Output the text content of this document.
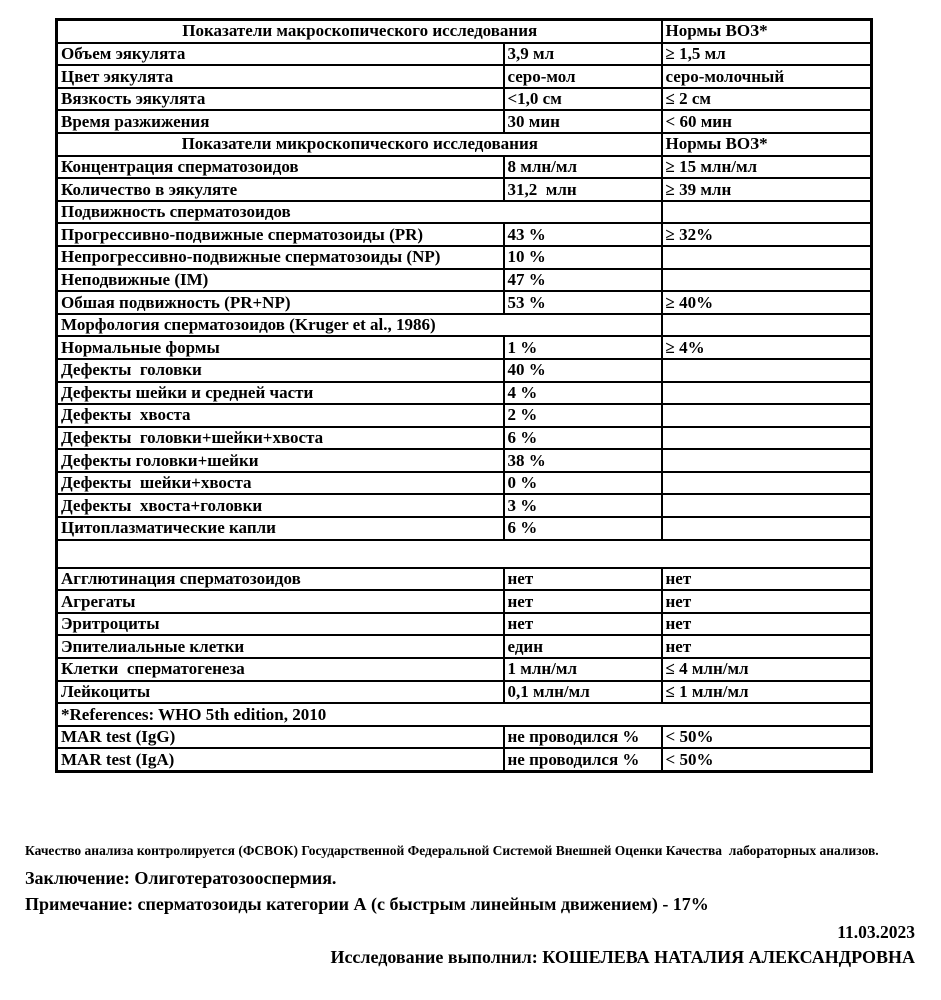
Показатели макроскопического исследования		Нормы ВОЗ*
Объем эякулята	3,9 мл	≥ 1,5 мл
Цвет эякулята	серо-мол	серо-молочный
Вязкость эякулята	<1,0 см	≤ 2 см
Время разжижения	30 мин	< 60 мин
Показатели микроскопического исследования		Нормы ВОЗ*
Концентрация сперматозоидов	8 млн/мл	≥ 15 млн/мл
Количество в эякуляте	31,2  млн	≥ 39 млн
Подвижность сперматозоидов		
Прогрессивно-подвижные сперматозоиды (PR)	43 %	≥ 32%
Непрогрессивно-подвижные сперматозоиды (NP)	10 %	
Неподвижные (IM)	47 %	
Обшая подвижность (PR+NP)	53 %	≥ 40%
Морфология сперматозоидов (Kruger et al., 1986)		
Нормальные формы	1 %	≥ 4%
Дефекты  головки	40 %	
Дефекты шейки и средней части	4 %	
Дефекты  хвоста	2 %	
Дефекты  головки+шейки+хвоста	6 %	
Дефекты головки+шейки	38 %	
Дефекты  шейки+хвоста	0 %	
Дефекты  хвоста+головки	3 %	
Цитоплазматические капли	6 %	

Агглютинация сперматозоидов	нет	нет
Агрегаты	нет	нет
Эритроциты	нет	нет
Эпителиальные клетки	един	нет
Клетки  сперматогенеза	1 млн/мл	≤ 4 млн/мл
Лейкоциты	0,1 млн/мл	≤ 1 млн/мл
*References: WHO 5th edition, 2010		
MAR test (IgG)	не проводился %	< 50%
MAR test (IgA)	не проводился %	< 50%
Качество анализа контролируется (ФСВОК) Государственной Федеральной Системой Внешней Оценки Качества  лабораторных анализов.
Заключение: Олиготератозооспермия.
Примечание: сперматозоиды категории А (с быстрым линейным движением) - 17%
11.03.2023
Исследование выполнил: КОШЕЛЕВА НАТАЛИЯ АЛЕКСАНДРОВНА
